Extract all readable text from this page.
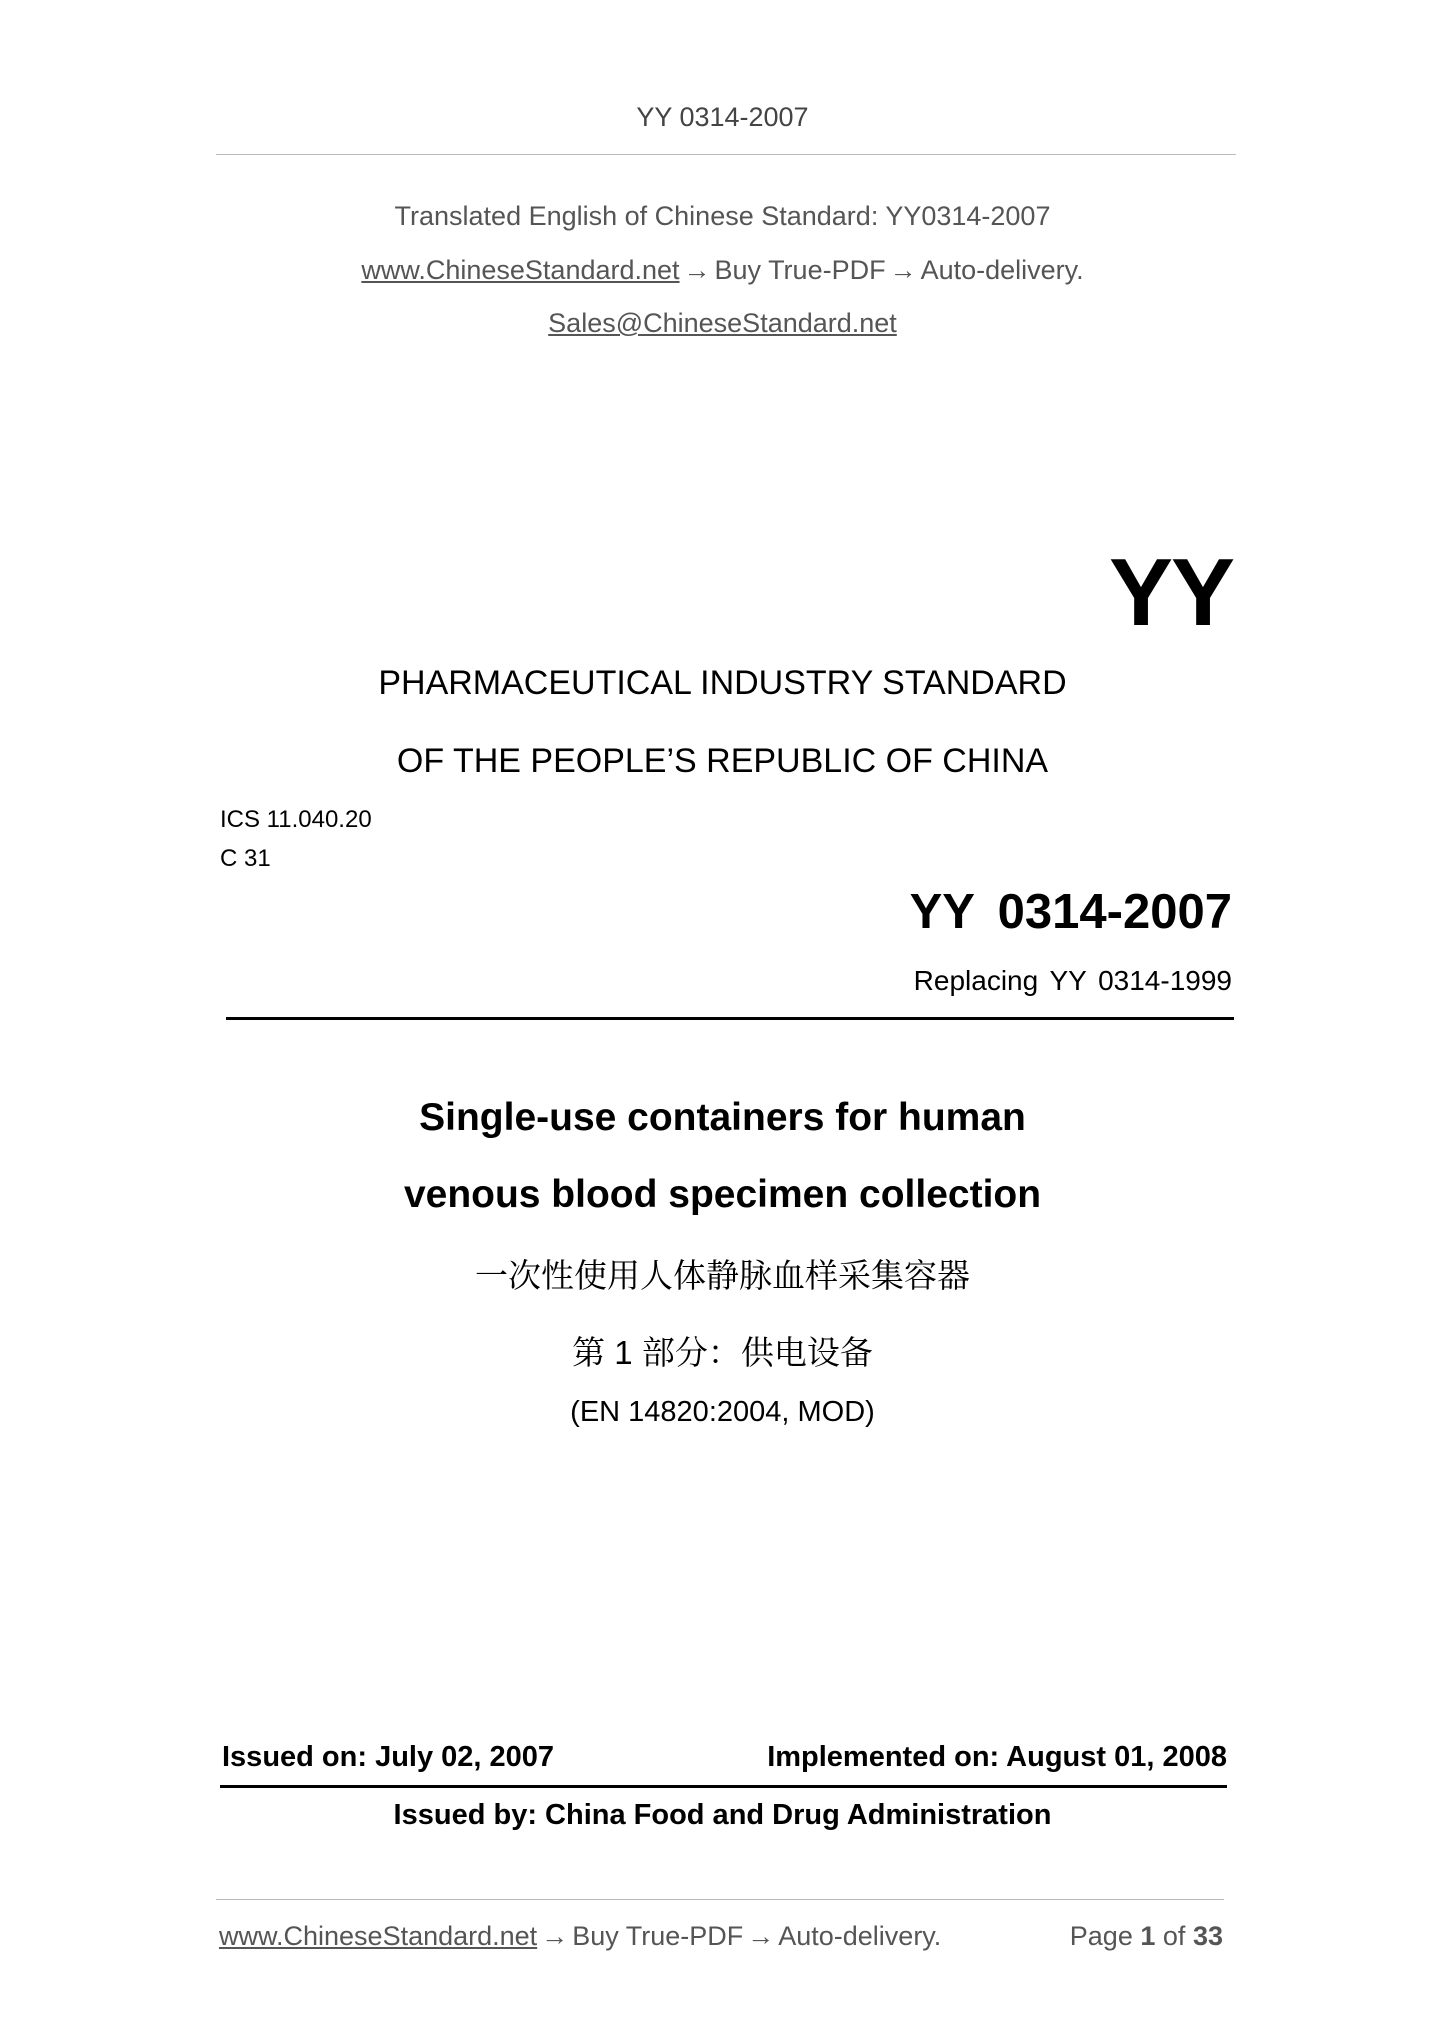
YY 0314-2007
Translated English of Chinese Standard: YY0314-2007
www.ChineseStandard.net → Buy True-PDF → Auto-delivery.
Sales@ChineseStandard.net
YY
PHARMACEUTICAL INDUSTRY STANDARD
OF THE PEOPLE’S REPUBLIC OF CHINA
ICS 11.040.20
C 31
YY 0314-2007
Replacing YY 0314-1999
Single-use containers for human
venous blood specimen collection
一次性使用人体静脉血样采集容器
第 1 部分：供电设备
(EN 14820:2004, MOD)
Issued on: July 02, 2007	Implemented on: August 01, 2008
Issued by: China Food and Drug Administration
www.ChineseStandard.net → Buy True-PDF → Auto-delivery.	Page 1 of 33
